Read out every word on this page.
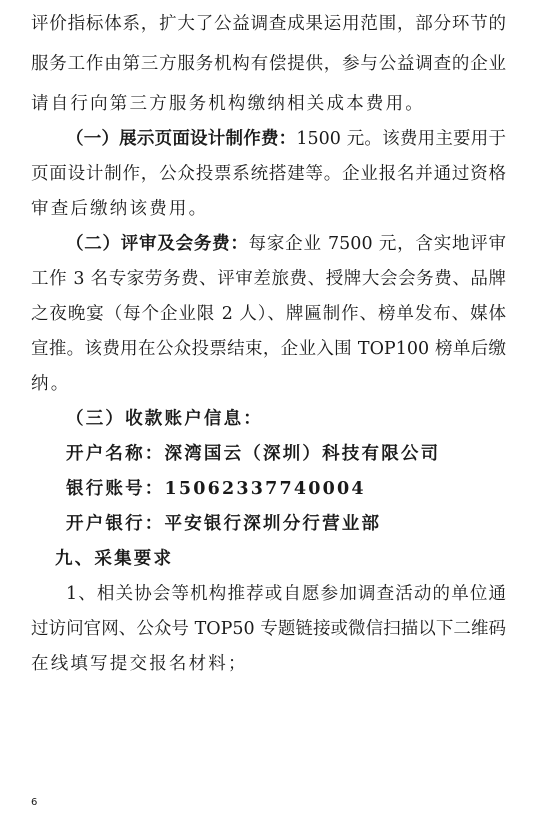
评价指标体系，扩大了公益调查成果运用范围，部分环节的
服务工作由第三方服务机构有偿提供，参与公益调查的企业
请自行向第三方服务机构缴纳相关成本费用。
（一）展示页面设计制作费：1500 元。该费用主要用于
页面设计制作，公众投票系统搭建等。企业报名并通过资格
审查后缴纳该费用。
（二）评审及会务费：每家企业 7500 元，含实地评审
工作 3 名专家劳务费、评审差旅费、授牌大会会务费、品牌
之夜晚宴（每个企业限 2 人）、牌匾制作、榜单发布、媒体
宣推。该费用在公众投票结束，企业入围 TOP100 榜单后缴
纳。
（三）收款账户信息：
开户名称：深湾国云（深圳）科技有限公司
银行账号：15062337740004
开户银行：平安银行深圳分行营业部
九、采集要求
1、相关协会等机构推荐或自愿参加调查活动的单位通
过访问官网、公众号 TOP50 专题链接或微信扫描以下二维码
在线填写提交报名材料；
6
